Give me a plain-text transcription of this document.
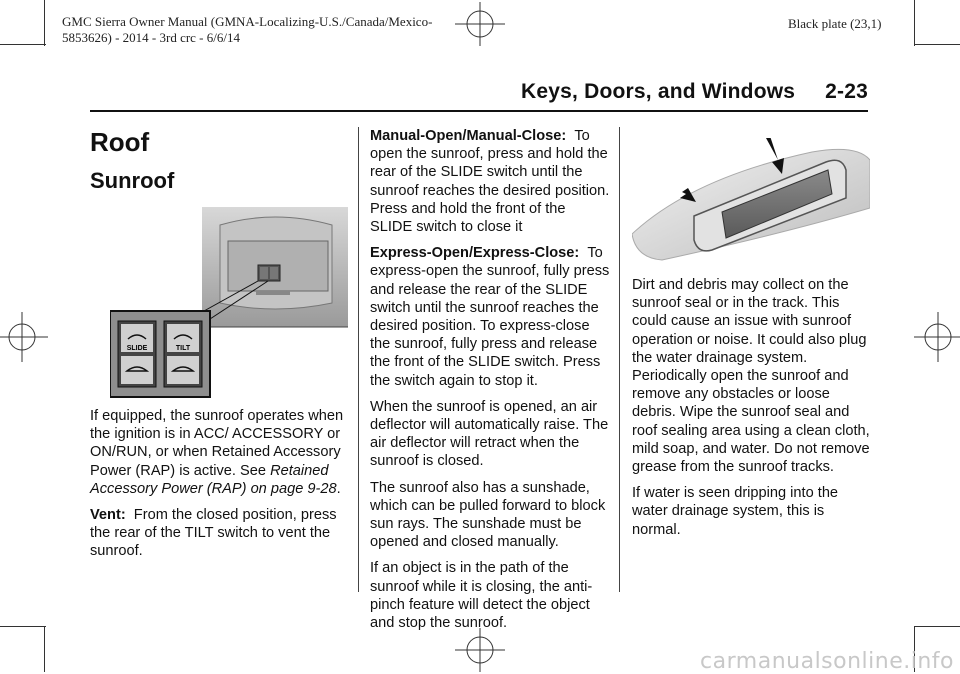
GMC Sierra Owner Manual (GMNA-Localizing-U.S./Canada/Mexico-
5853626) - 2014 - 3rd crc - 6/6/14
Black plate (23,1)
Keys, Doors, and Windows 2-23
Roof
Sunroof
SLIDE	TILT

If equipped, the sunroof operates when the ignition is in ACC/ ACCESSORY or ON/RUN, or when Retained Accessory Power (RAP) is active. See Retained Accessory Power (RAP) on page 9-28.

Vent: From the closed position, press the rear of the TILT switch to vent the sunroof.

Manual-Open/Manual-Close: To open the sunroof, press and hold the rear of the SLIDE switch until the sunroof reaches the desired position. Press and hold the front of the SLIDE switch to close it

Express-Open/Express-Close: To express-open the sunroof, fully press and release the rear of the SLIDE switch until the sunroof reaches the desired position. To express-close the sunroof, fully press and release the front of the SLIDE switch. Press the switch again to stop it.

When the sunroof is opened, an air deflector will automatically raise. The air deflector will retract when the sunroof is closed.

The sunroof also has a sunshade, which can be pulled forward to block sun rays. The sunshade must be opened and closed manually.

If an object is in the path of the sunroof while it is closing, the anti-pinch feature will detect the object and stop the sunroof.

Dirt and debris may collect on the sunroof seal or in the track. This could cause an issue with sunroof operation or noise. It could also plug the water drainage system. Periodically open the sunroof and remove any obstacles or loose debris. Wipe the sunroof seal and roof sealing area using a clean cloth, mild soap, and water. Do not remove grease from the sunroof tracks.

If water is seen dripping into the water drainage system, this is normal.

carmanualsonline.info
